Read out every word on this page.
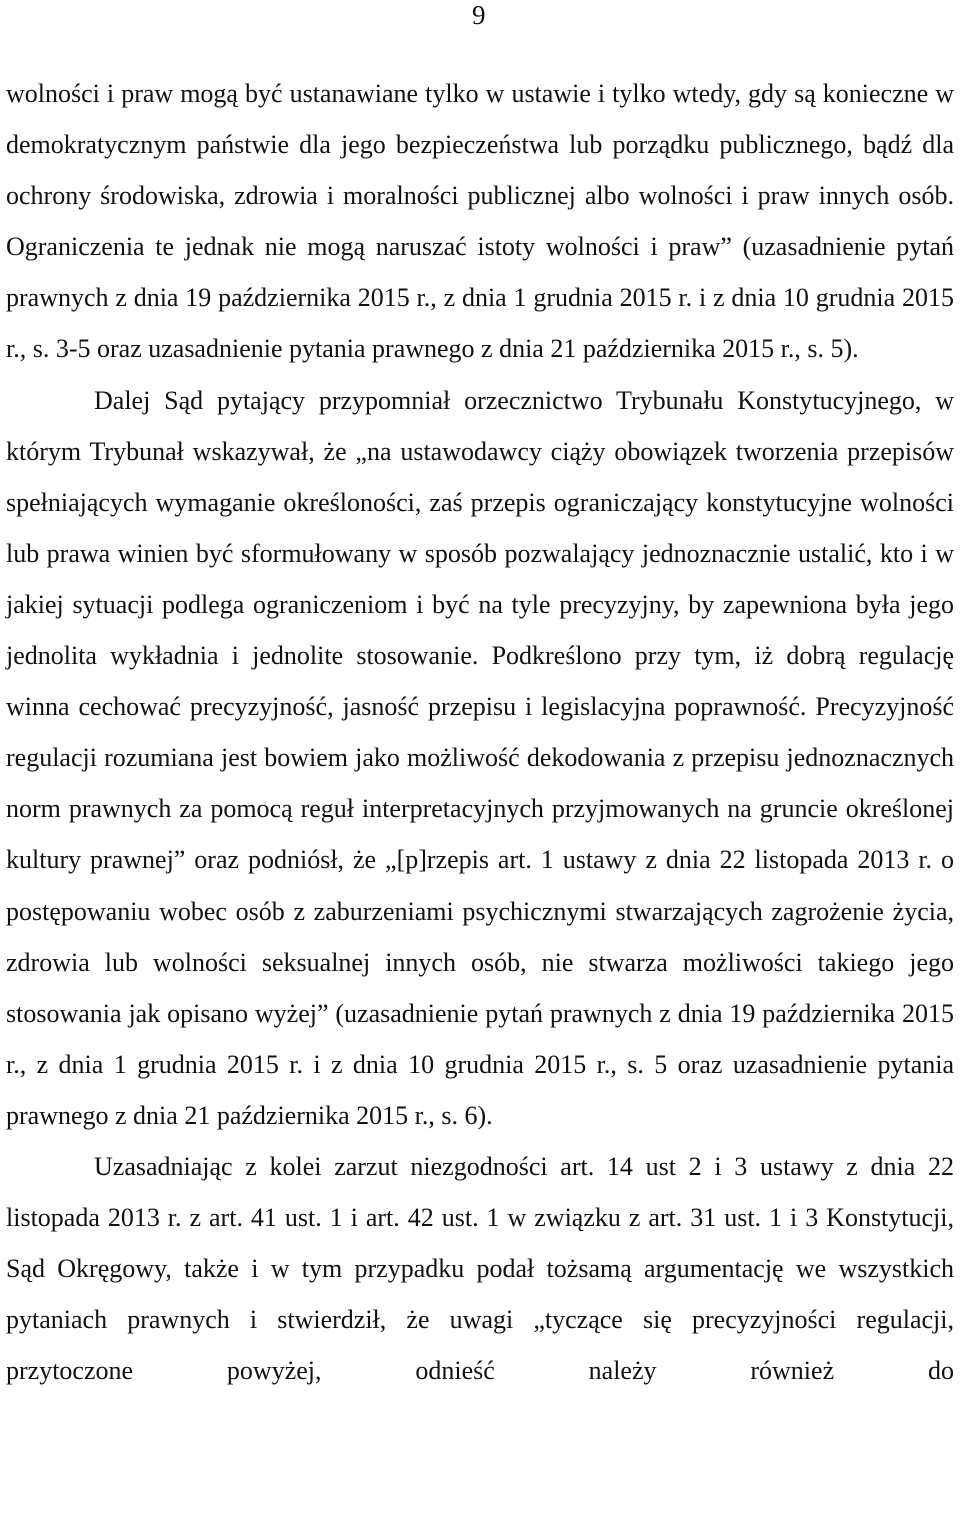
9

wolności i praw mogą być ustanawiane tylko w ustawie i tylko wtedy, gdy są konieczne w demokratycznym państwie dla jego bezpieczeństwa lub porządku publicznego, bądź dla ochrony środowiska, zdrowia i moralności publicznej albo wolności i praw innych osób. Ograniczenia te jednak nie mogą naruszać istoty wolności i praw” (uzasadnienie pytań prawnych z dnia 19 października 2015 r., z dnia 1 grudnia 2015 r. i z dnia 10 grudnia 2015 r., s. 3-5 oraz uzasadnienie pytania prawnego z dnia 21 października 2015 r., s. 5).

Dalej Sąd pytający przypomniał orzecznictwo Trybunału Konstytucyjnego, w którym Trybunał wskazywał, że „na ustawodawcy ciąży obowiązek tworzenia przepisów spełniających wymaganie określoności, zaś przepis ograniczający konstytucyjne wolności lub prawa winien być sformułowany w sposób pozwalający jednoznacznie ustalić, kto i w jakiej sytuacji podlega ograniczeniom i być na tyle precyzyjny, by zapewniona była jego jednolita wykładnia i jednolite stosowanie. Podkreślono przy tym, iż dobrą regulację winna cechować precyzyjność, jasność przepisu i legislacyjna poprawność. Precyzyjność regulacji rozumiana jest bowiem jako możliwość dekodowania z przepisu jednoznacznych norm prawnych za pomocą reguł interpretacyjnych przyjmowanych na gruncie określonej kultury prawnej” oraz podniósł, że „[p]rzepis art. 1 ustawy z dnia 22 listopada 2013 r. o postępowaniu wobec osób z zaburzeniami psychicznymi stwarzających zagrożenie życia, zdrowia lub wolności seksualnej innych osób, nie stwarza możliwości takiego jego stosowania jak opisano wyżej” (uzasadnienie pytań prawnych z dnia 19 października 2015 r., z dnia 1 grudnia 2015 r. i z dnia 10 grudnia 2015 r., s. 5 oraz uzasadnienie pytania prawnego z dnia 21 października 2015 r., s. 6).

Uzasadniając z kolei zarzut niezgodności art. 14 ust 2 i 3 ustawy z dnia 22 listopada 2013 r. z art. 41 ust. 1 i art. 42 ust. 1 w związku z art. 31 ust. 1 i 3 Konstytucji, Sąd Okręgowy, także i w tym przypadku podał tożsamą argumentację we wszystkich pytaniach prawnych i stwierdził, że uwagi „tyczące się precyzyjności regulacji, przytoczone powyżej, odnieść należy również do
